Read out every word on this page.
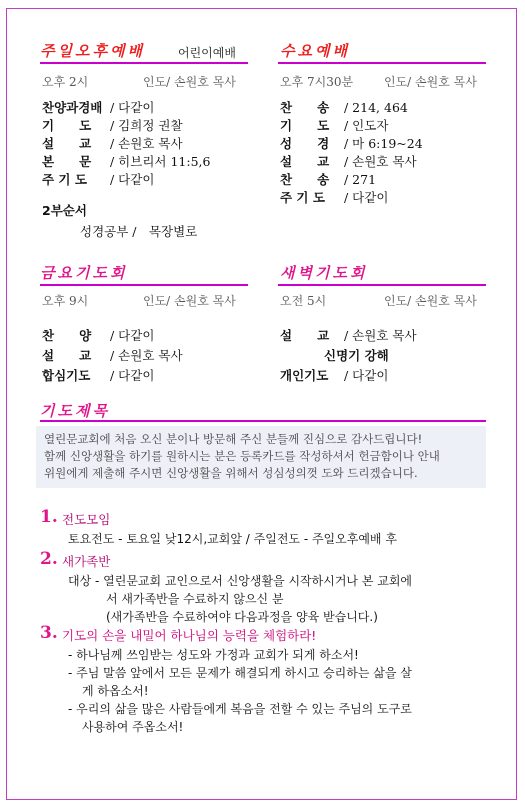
주일오후예배	어린이예배
오후 2시	인도/ 손원호 목사
찬양과경배 / 다같이
기　　도 / 김희정 권찰
설　　교 / 손원호 목사
본　　문 / 히브리서 11:5,6
주 기 도 / 다같이
2부순서
성경공부 /　목장별로
수요예배
오후 7시30분	인도/ 손원호 목사
찬　　송 / 214, 464
기　　도 / 인도자
성　　경 / 마 6:19~24
설　　교 / 손원호 목사
찬　　송 / 271
주 기 도 / 다같이
금요기도회
오후 9시	인도/ 손원호 목사
찬　　양 / 다같이
설　　교 / 손원호 목사
합심기도 / 다같이
새벽기도회
오전 5시	인도/ 손원호 목사
설　　교 / 손원호 목사
신명기 강해
개인기도 / 다같이
기도제목
열린문교회에 처음 오신 분이나 방문해 주신 분들께 진심으로 감사드립니다!
함께 신앙생활을 하기를 원하시는 분은 등록카드를 작성하셔서 헌금함이나 안내
위원에게 제출해 주시면 신앙생활을 위해서 성심성의껏 도와 드리겠습니다.
1. 전도모임
토요전도 - 토요일 낮12시,교회앞 / 주일전도 - 주일오후예배 후
2. 새가족반
대상 - 열린문교회 교인으로서 신앙생활을 시작하시거나 본 교회에
서 새가족반을 수료하지 않으신 분
(새가족반을 수료하여야 다음과정을 양육 받습니다.)
3. 기도의 손을 내밀어 하나님의 능력을 체험하라!
- 하나님께 쓰임받는 성도와 가정과 교회가 되게 하소서!
- 주님 말씀 앞에서 모든 문제가 해결되게 하시고 승리하는 삶을 살
게 하옵소서!
- 우리의 삶을 많은 사람들에게 복음을 전할 수 있는 주님의 도구로
사용하여 주옵소서!
